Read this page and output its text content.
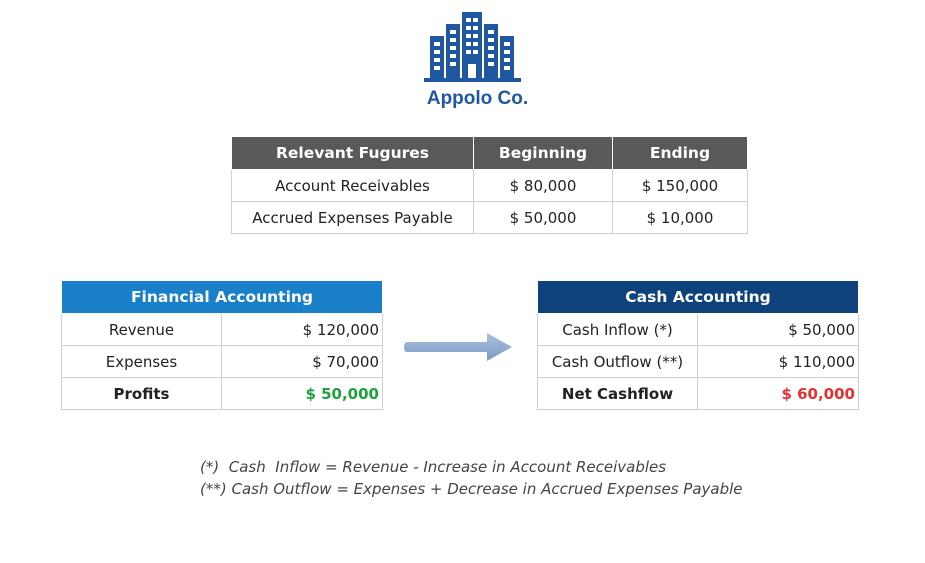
Appolo Co.
Relevant Fugures	Beginning	Ending
Account Receivables	$ 80,000	$ 150,000
Accrued Expenses Payable	$ 50,000	$ 10,000
Financial Accounting	
Revenue	$ 120,000
Expenses	$ 70,000
Profits	$ 50,000
Cash Accounting	
Cash Inflow (*)	$ 50,000
Cash Outflow (**)	$ 110,000
Net Cashflow	$ 60,000
(*)  Cash  Inflow = Revenue - Increase in Account Receivables
(**) Cash Outflow = Expenses + Decrease in Accrued Expenses Payable
